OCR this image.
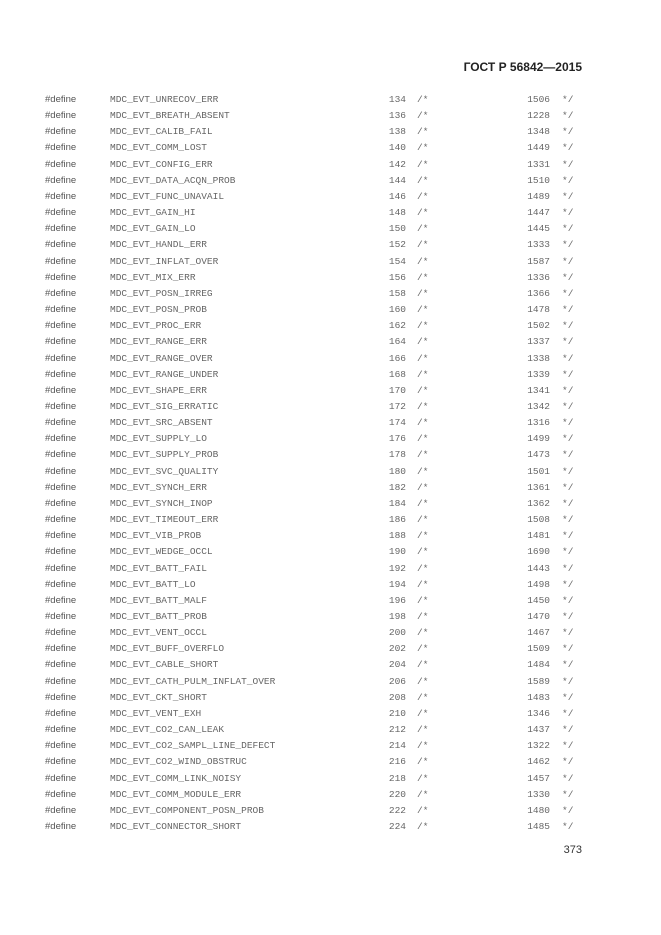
ГОСТ Р 56842—2015
#define	MDC_EVT_UNRECOV_ERR	134 /*	1506 */
#define	MDC_EVT_BREATH_ABSENT	136 /*	1228 */
#define	MDC_EVT_CALIB_FAIL	138 /*	1348 */
#define	MDC_EVT_COMM_LOST	140 /*	1449 */
#define	MDC_EVT_CONFIG_ERR	142 /*	1331 */
#define	MDC_EVT_DATA_ACQN_PROB	144 /*	1510 */
#define	MDC_EVT_FUNC_UNAVAIL	146 /*	1489 */
#define	MDC_EVT_GAIN_HI	148 /*	1447 */
#define	MDC_EVT_GAIN_LO	150 /*	1445 */
#define	MDC_EVT_HANDL_ERR	152 /*	1333 */
#define	MDC_EVT_INFLAT_OVER	154 /*	1587 */
#define	MDC_EVT_MIX_ERR	156 /*	1336 */
#define	MDC_EVT_POSN_IRREG	158 /*	1366 */
#define	MDC_EVT_POSN_PROB	160 /*	1478 */
#define	MDC_EVT_PROC_ERR	162 /*	1502 */
#define	MDC_EVT_RANGE_ERR	164 /*	1337 */
#define	MDC_EVT_RANGE_OVER	166 /*	1338 */
#define	MDC_EVT_RANGE_UNDER	168 /*	1339 */
#define	MDC_EVT_SHAPE_ERR	170 /*	1341 */
#define	MDC_EVT_SIG_ERRATIC	172 /*	1342 */
#define	MDC_EVT_SRC_ABSENT	174 /*	1316 */
#define	MDC_EVT_SUPPLY_LO	176 /*	1499 */
#define	MDC_EVT_SUPPLY_PROB	178 /*	1473 */
#define	MDC_EVT_SVC_QUALITY	180 /*	1501 */
#define	MDC_EVT_SYNCH_ERR	182 /*	1361 */
#define	MDC_EVT_SYNCH_INOP	184 /*	1362 */
#define	MDC_EVT_TIMEOUT_ERR	186 /*	1508 */
#define	MDC_EVT_VIB_PROB	188 /*	1481 */
#define	MDC_EVT_WEDGE_OCCL	190 /*	1690 */
#define	MDC_EVT_BATT_FAIL	192 /*	1443 */
#define	MDC_EVT_BATT_LO	194 /*	1498 */
#define	MDC_EVT_BATT_MALF	196 /*	1450 */
#define	MDC_EVT_BATT_PROB	198 /*	1470 */
#define	MDC_EVT_VENT_OCCL	200 /*	1467 */
#define	MDC_EVT_BUFF_OVERFLO	202 /*	1509 */
#define	MDC_EVT_CABLE_SHORT	204 /*	1484 */
#define	MDC_EVT_CATH_PULM_INFLAT_OVER	206 /*	1589 */
#define	MDC_EVT_CKT_SHORT	208 /*	1483 */
#define	MDC_EVT_VENT_EXH	210 /*	1346 */
#define	MDC_EVT_CO2_CAN_LEAK	212 /*	1437 */
#define	MDC_EVT_CO2_SAMPL_LINE_DEFECT	214 /*	1322 */
#define	MDC_EVT_CO2_WIND_OBSTRUC	216 /*	1462 */
#define	MDC_EVT_COMM_LINK_NOISY	218 /*	1457 */
#define	MDC_EVT_COMM_MODULE_ERR	220 /*	1330 */
#define	MDC_EVT_COMPONENT_POSN_PROB	222 /*	1480 */
#define	MDC_EVT_CONNECTOR_SHORT	224 /*	1485 */
373
